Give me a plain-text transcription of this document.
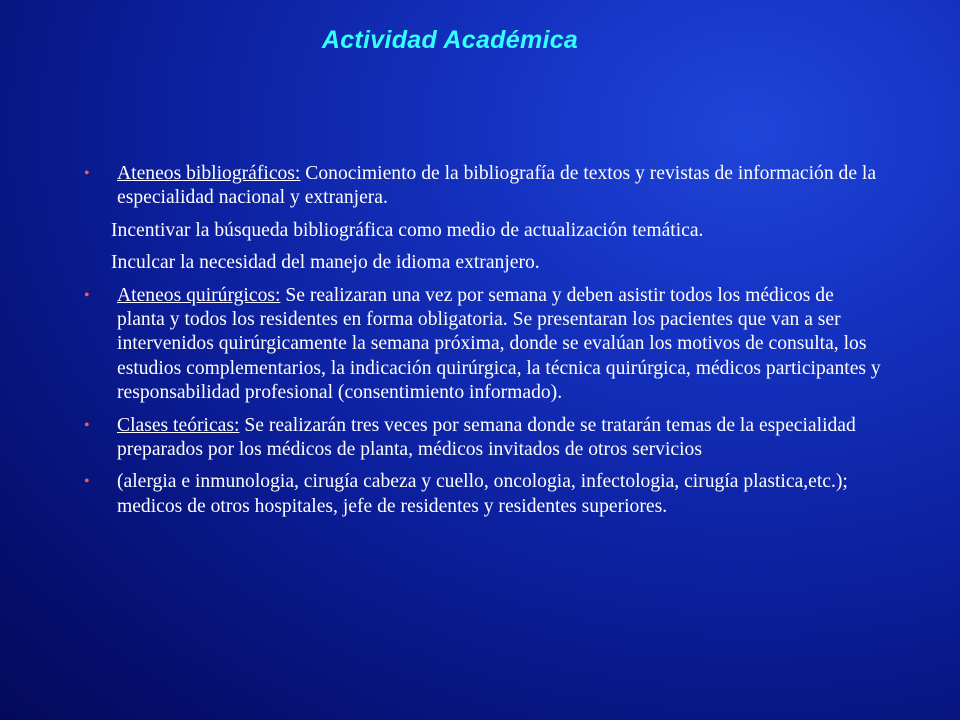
Actividad Académica
• Ateneos bibliográficos: Conocimiento de la bibliografía de textos y revistas de información de la especialidad nacional y extranjera.
Incentivar la búsqueda bibliográfica como medio de actualización temática.
Inculcar la necesidad del manejo de idioma extranjero.
• Ateneos quirúrgicos: Se realizaran una vez por semana y deben asistir todos los médicos de planta y todos los residentes en forma obligatoria. Se presentaran los pacientes que van a ser intervenidos quirúrgicamente la semana próxima, donde se evalúan los motivos de consulta, los estudios complementarios, la indicación quirúrgica, la técnica quirúrgica, médicos participantes y responsabilidad profesional (consentimiento informado).
• Clases teóricas: Se realizarán tres veces por semana donde se tratarán temas de la especialidad preparados por los médicos de planta, médicos invitados de otros servicios
• (alergia e inmunologia, cirugía cabeza y cuello, oncologia, infectologia, cirugía plastica,etc.); medicos de otros hospitales, jefe de residentes y residentes superiores.
